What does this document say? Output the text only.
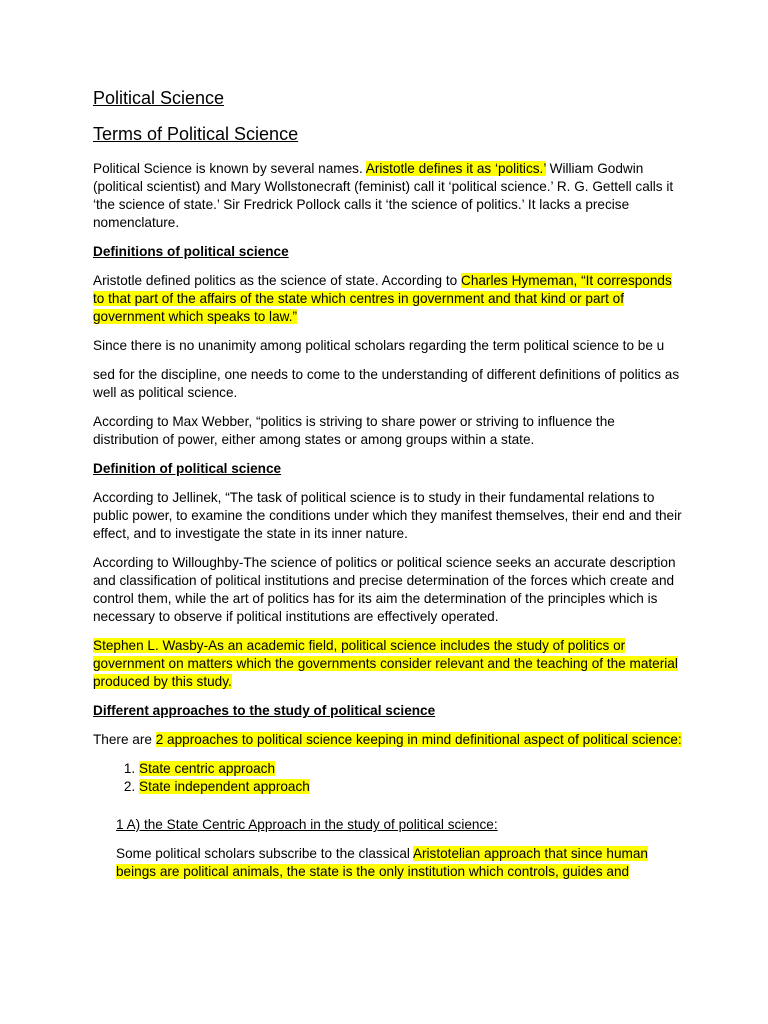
Political Science
Terms of Political Science

Political Science is known by several names. Aristotle defines it as ‘politics.’ William Godwin (political scientist) and Mary Wollstonecraft (feminist) call it ‘political science.’ R. G. Gettell calls it ‘the science of state.’ Sir Fredrick Pollock calls it ‘the science of politics.’ It lacks a precise nomenclature.

Definitions of political science

Aristotle defined politics as the science of state. According to Charles Hymeman, “It corresponds to that part of the affairs of the state which centres in government and that kind or part of government which speaks to law.”

Since there is no unanimity among political scholars regarding the term political science to be u

sed for the discipline, one needs to come to the understanding of different definitions of politics as well as political science.

According to Max Webber, “politics is striving to share power or striving to influence the distribution of power, either among states or among groups within a state.

Definition of political science

According to Jellinek, “The task of political science is to study in their fundamental relations to public power, to examine the conditions under which they manifest themselves, their end and their effect, and to investigate the state in its inner nature.

According to Willoughby-The science of politics or political science seeks an accurate description and classification of political institutions and precise determination of the forces which create and control them, while the art of politics has for its aim the determination of the principles which is necessary to observe if political institutions are effectively operated.

Stephen L. Wasby-As an academic field, political science includes the study of politics or government on matters which the governments consider relevant and the teaching of the material produced by this study.

Different approaches to the study of political science

There are 2 approaches to political science keeping in mind definitional aspect of political science:

1. State centric approach
2. State independent approach
1 A) the State Centric Approach in the study of political science:

Some political scholars subscribe to the classical Aristotelian approach that since human beings are political animals, the state is the only institution which controls, guides and
